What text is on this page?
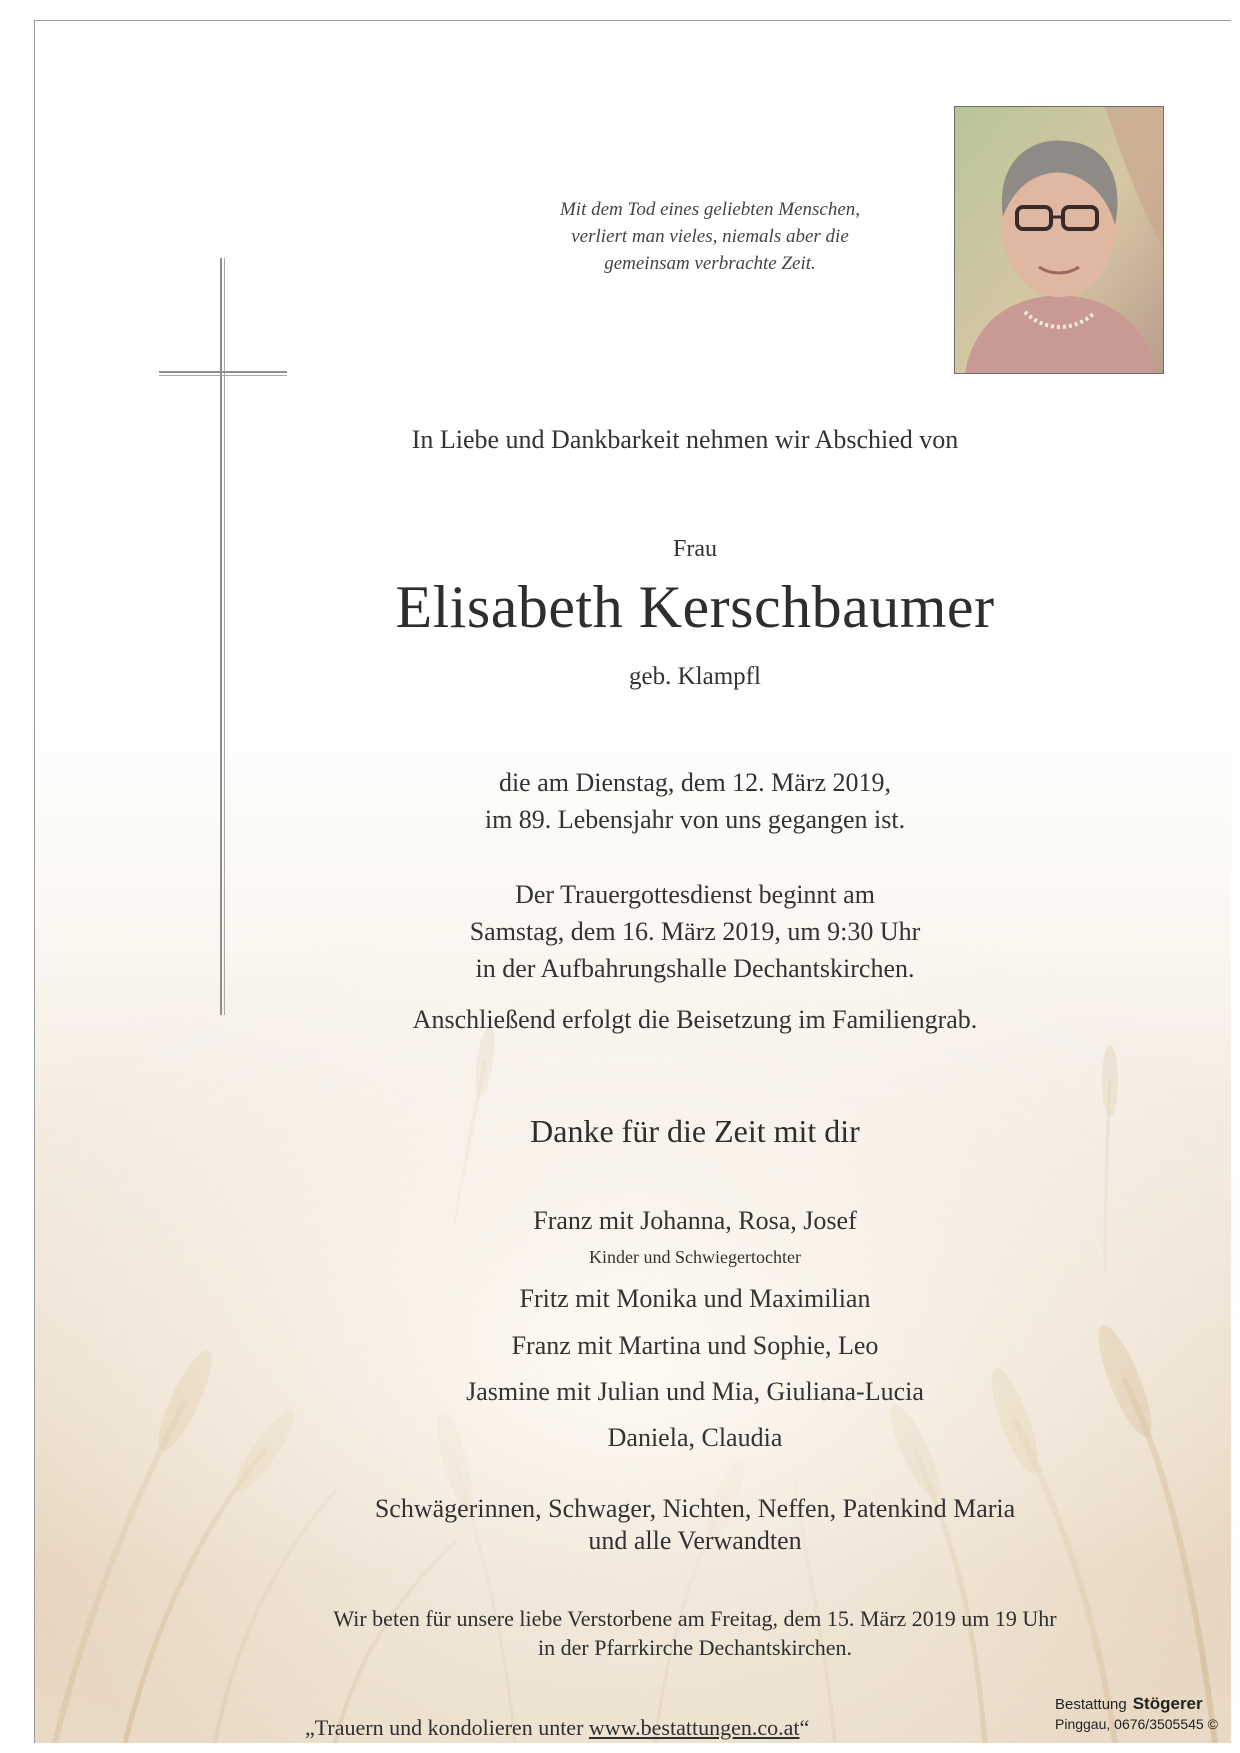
Mit dem Tod eines geliebten Menschen,
verliert man vieles, niemals aber die
gemeinsam verbrachte Zeit.
In Liebe und Dankbarkeit nehmen wir Abschied von
Frau
Elisabeth Kerschbaumer
geb. Klampfl
die am Dienstag, dem 12. März 2019,
im 89. Lebensjahr von uns gegangen ist.
Der Trauergottesdienst beginnt am
Samstag, dem 16. März 2019, um 9:30 Uhr
in der Aufbahrungshalle Dechantskirchen.
Anschließend erfolgt die Beisetzung im Familiengrab.
Danke für die Zeit mit dir
Franz mit Johanna, Rosa, Josef
Kinder und Schwiegertochter
Fritz mit Monika und Maximilian
Franz mit Martina und Sophie, Leo
Jasmine mit Julian und Mia, Giuliana-Lucia
Daniela, Claudia
Schwägerinnen, Schwager, Nichten, Neffen, Patenkind Maria
und alle Verwandten
Wir beten für unsere liebe Verstorbene am Freitag, dem 15. März 2019 um 19 Uhr
in der Pfarrkirche Dechantskirchen.
„Trauern und kondolieren unter www.bestattungen.co.at“
Bestattung Stögerer
Pinggau, 0676/3505545 ©
